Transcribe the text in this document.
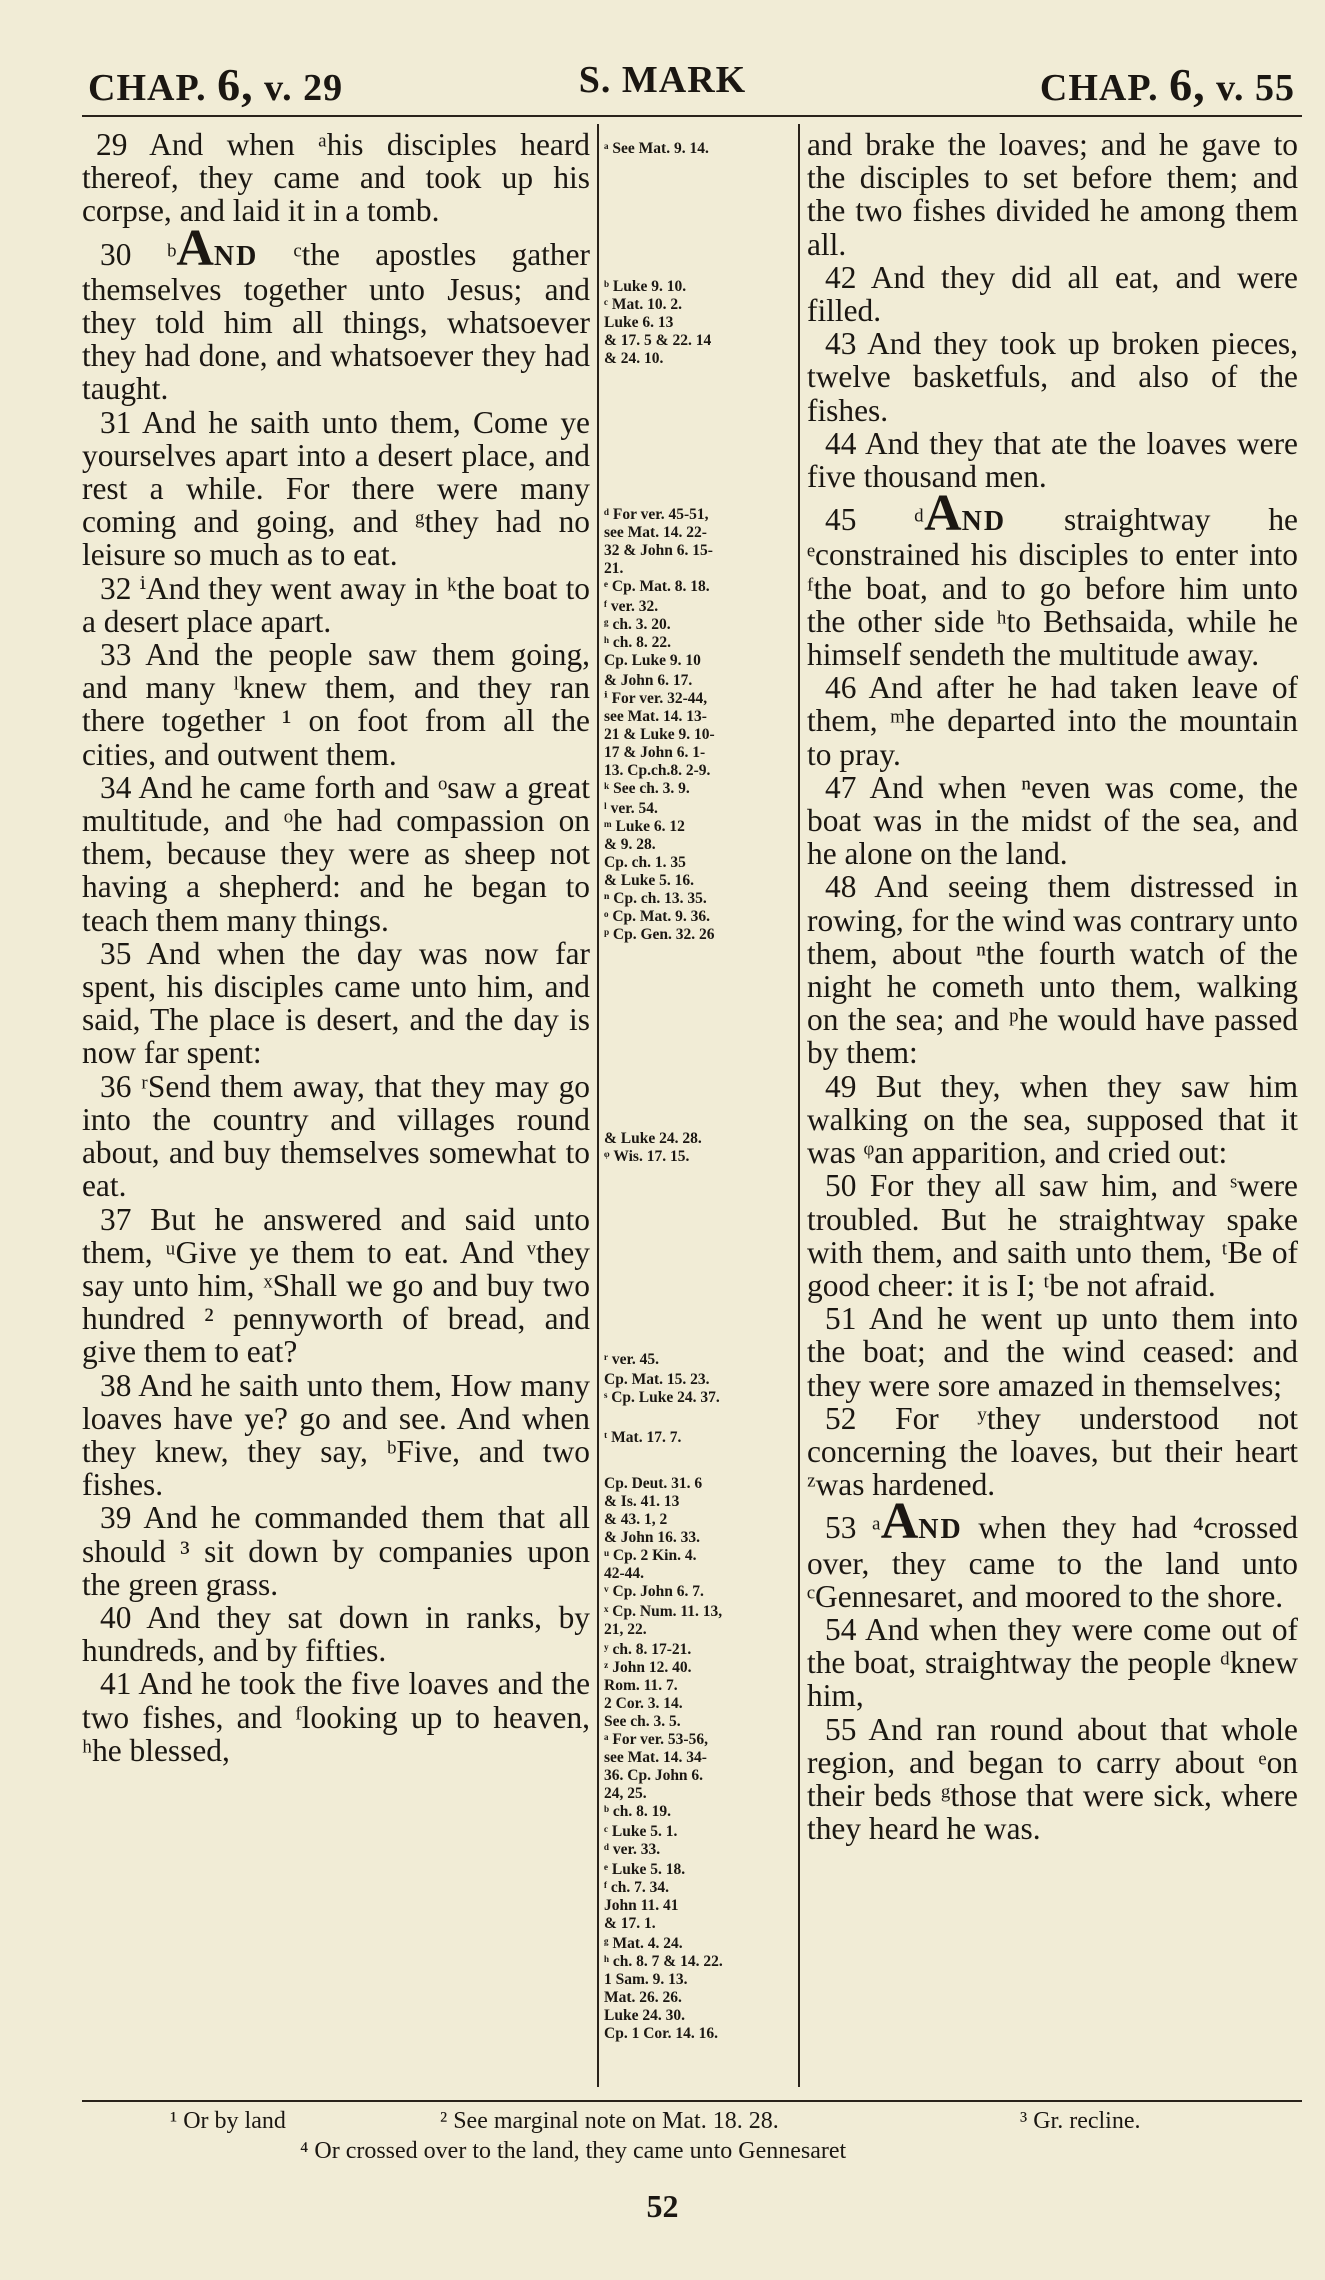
CHAP. 6, v. 29	S. MARK	CHAP. 6, v. 55

29 And when ᵃhis disciples heard thereof, they came and took up his corpse, and laid it in a tomb.

30 ᵇAND ᶜthe apostles gather themselves together unto Jesus; and they told him all things, whatsoever they had done, and whatsoever they had taught.

31 And he saith unto them, Come ye yourselves apart into a desert place, and rest a while. For there were many coming and going, and ᵍthey had no leisure so much as to eat.

32 ⁱAnd they went away in ᵏthe boat to a desert place apart.

33 And the people saw them going, and many ˡknew them, and they ran there together ¹ on foot from all the cities, and outwent them.

34 And he came forth and ᵒsaw a great multitude, and ᵒhe had compassion on them, because they were as sheep not having a shepherd: and he began to teach them many things.

35 And when the day was now far spent, his disciples came unto him, and said, The place is desert, and the day is now far spent:

36 ʳSend them away, that they may go into the country and villages round about, and buy themselves somewhat to eat.

37 But he answered and said unto them, ᵘGive ye them to eat. And ᵛthey say unto him, ˣShall we go and buy two hundred ² pennyworth of bread, and give them to eat?

38 And he saith unto them, How many loaves have ye? go and see. And when they knew, they say, ᵇFive, and two fishes.

39 And he commanded them that all should ³ sit down by companies upon the green grass.

40 And they sat down in ranks, by hundreds, and by fifties.

41 And he took the five loaves and the two fishes, and ᶠlooking up to heaven, ʰhe blessed,

ᵃ See Mat. 9. 14.
ᵇ Luke 9. 10.
ᶜ Mat. 10. 2.
Luke 6. 13
& 17. 5 & 22. 14
& 24. 10.
ᵈ For ver. 45-51,
see Mat. 14. 22-
32 & John 6. 15-
21.
ᵉ Cp. Mat. 8. 18.
ᶠ ver. 32.
ᵍ ch. 3. 20.
ʰ ch. 8. 22.
Cp. Luke 9. 10
& John 6. 17.
ⁱ For ver. 32-44,
see Mat. 14. 13-
21 & Luke 9. 10-
17 & John 6. 1-
13. Cp.ch.8. 2-9.
ᵏ See ch. 3. 9.
ˡ ver. 54.
ᵐ Luke 6. 12
& 9. 28.
Cp. ch. 1. 35
& Luke 5. 16.
ⁿ Cp. ch. 13. 35.
ᵒ Cp. Mat. 9. 36.
ᵖ Cp. Gen. 32. 26
& Luke 24. 28.
ᵠ Wis. 17. 15.
ʳ ver. 45.
Cp. Mat. 15. 23.
ˢ Cp. Luke 24. 37.
ᵗ Mat. 17. 7.
Cp. Deut. 31. 6
& Is. 41. 13
& 43. 1, 2
& John 16. 33.
ᵘ Cp. 2 Kin. 4.
42-44.
ᵛ Cp. John 6. 7.
ˣ Cp. Num. 11. 13,
21, 22.
ʸ ch. 8. 17-21.
ᶻ John 12. 40.
Rom. 11. 7.
2 Cor. 3. 14.
See ch. 3. 5.
ᵃ For ver. 53-56,
see Mat. 14. 34-
36. Cp. John 6.
24, 25.
ᵇ ch. 8. 19.
ᶜ Luke 5. 1.
ᵈ ver. 33.
ᵉ Luke 5. 18.
ᶠ ch. 7. 34.
John 11. 41
& 17. 1.
ᵍ Mat. 4. 24.
ʰ ch. 8. 7 & 14. 22.
1 Sam. 9. 13.
Mat. 26. 26.
Luke 24. 30.
Cp. 1 Cor. 14. 16.

and brake the loaves; and he gave to the disciples to set before them; and the two fishes divided he among them all.

42 And they did all eat, and were filled.

43 And they took up broken pieces, twelve basketfuls, and also of the fishes.

44 And they that ate the loaves were five thousand men.

45 ᵈAND straightway he ᵉconstrained his disciples to enter into ᶠthe boat, and to go before him unto the other side ʰto Bethsaida, while he himself sendeth the multitude away.

46 And after he had taken leave of them, ᵐhe departed into the mountain to pray.

47 And when ⁿeven was come, the boat was in the midst of the sea, and he alone on the land.

48 And seeing them distressed in rowing, for the wind was contrary unto them, about ⁿthe fourth watch of the night he cometh unto them, walking on the sea; and ᵖhe would have passed by them:

49 But they, when they saw him walking on the sea, supposed that it was ᵠan apparition, and cried out:

50 For they all saw him, and ˢwere troubled. But he straightway spake with them, and saith unto them, ᵗBe of good cheer: it is I; ᵗbe not afraid.

51 And he went up unto them into the boat; and the wind ceased: and they were sore amazed in themselves;

52 For ʸthey understood not concerning the loaves, but their heart ᶻwas hardened.

53 ᵃAND when they had ⁴crossed over, they came to the land unto ᶜGennesaret, and moored to the shore.

54 And when they were come out of the boat, straightway the people ᵈknew him,

55 And ran round about that whole region, and began to carry about ᵉon their beds ᵍthose that were sick, where they heard he was.

¹ Or by land	² See marginal note on Mat. 18. 28.	³ Gr. recline.
⁴ Or crossed over to the land, they came unto Gennesaret
52
